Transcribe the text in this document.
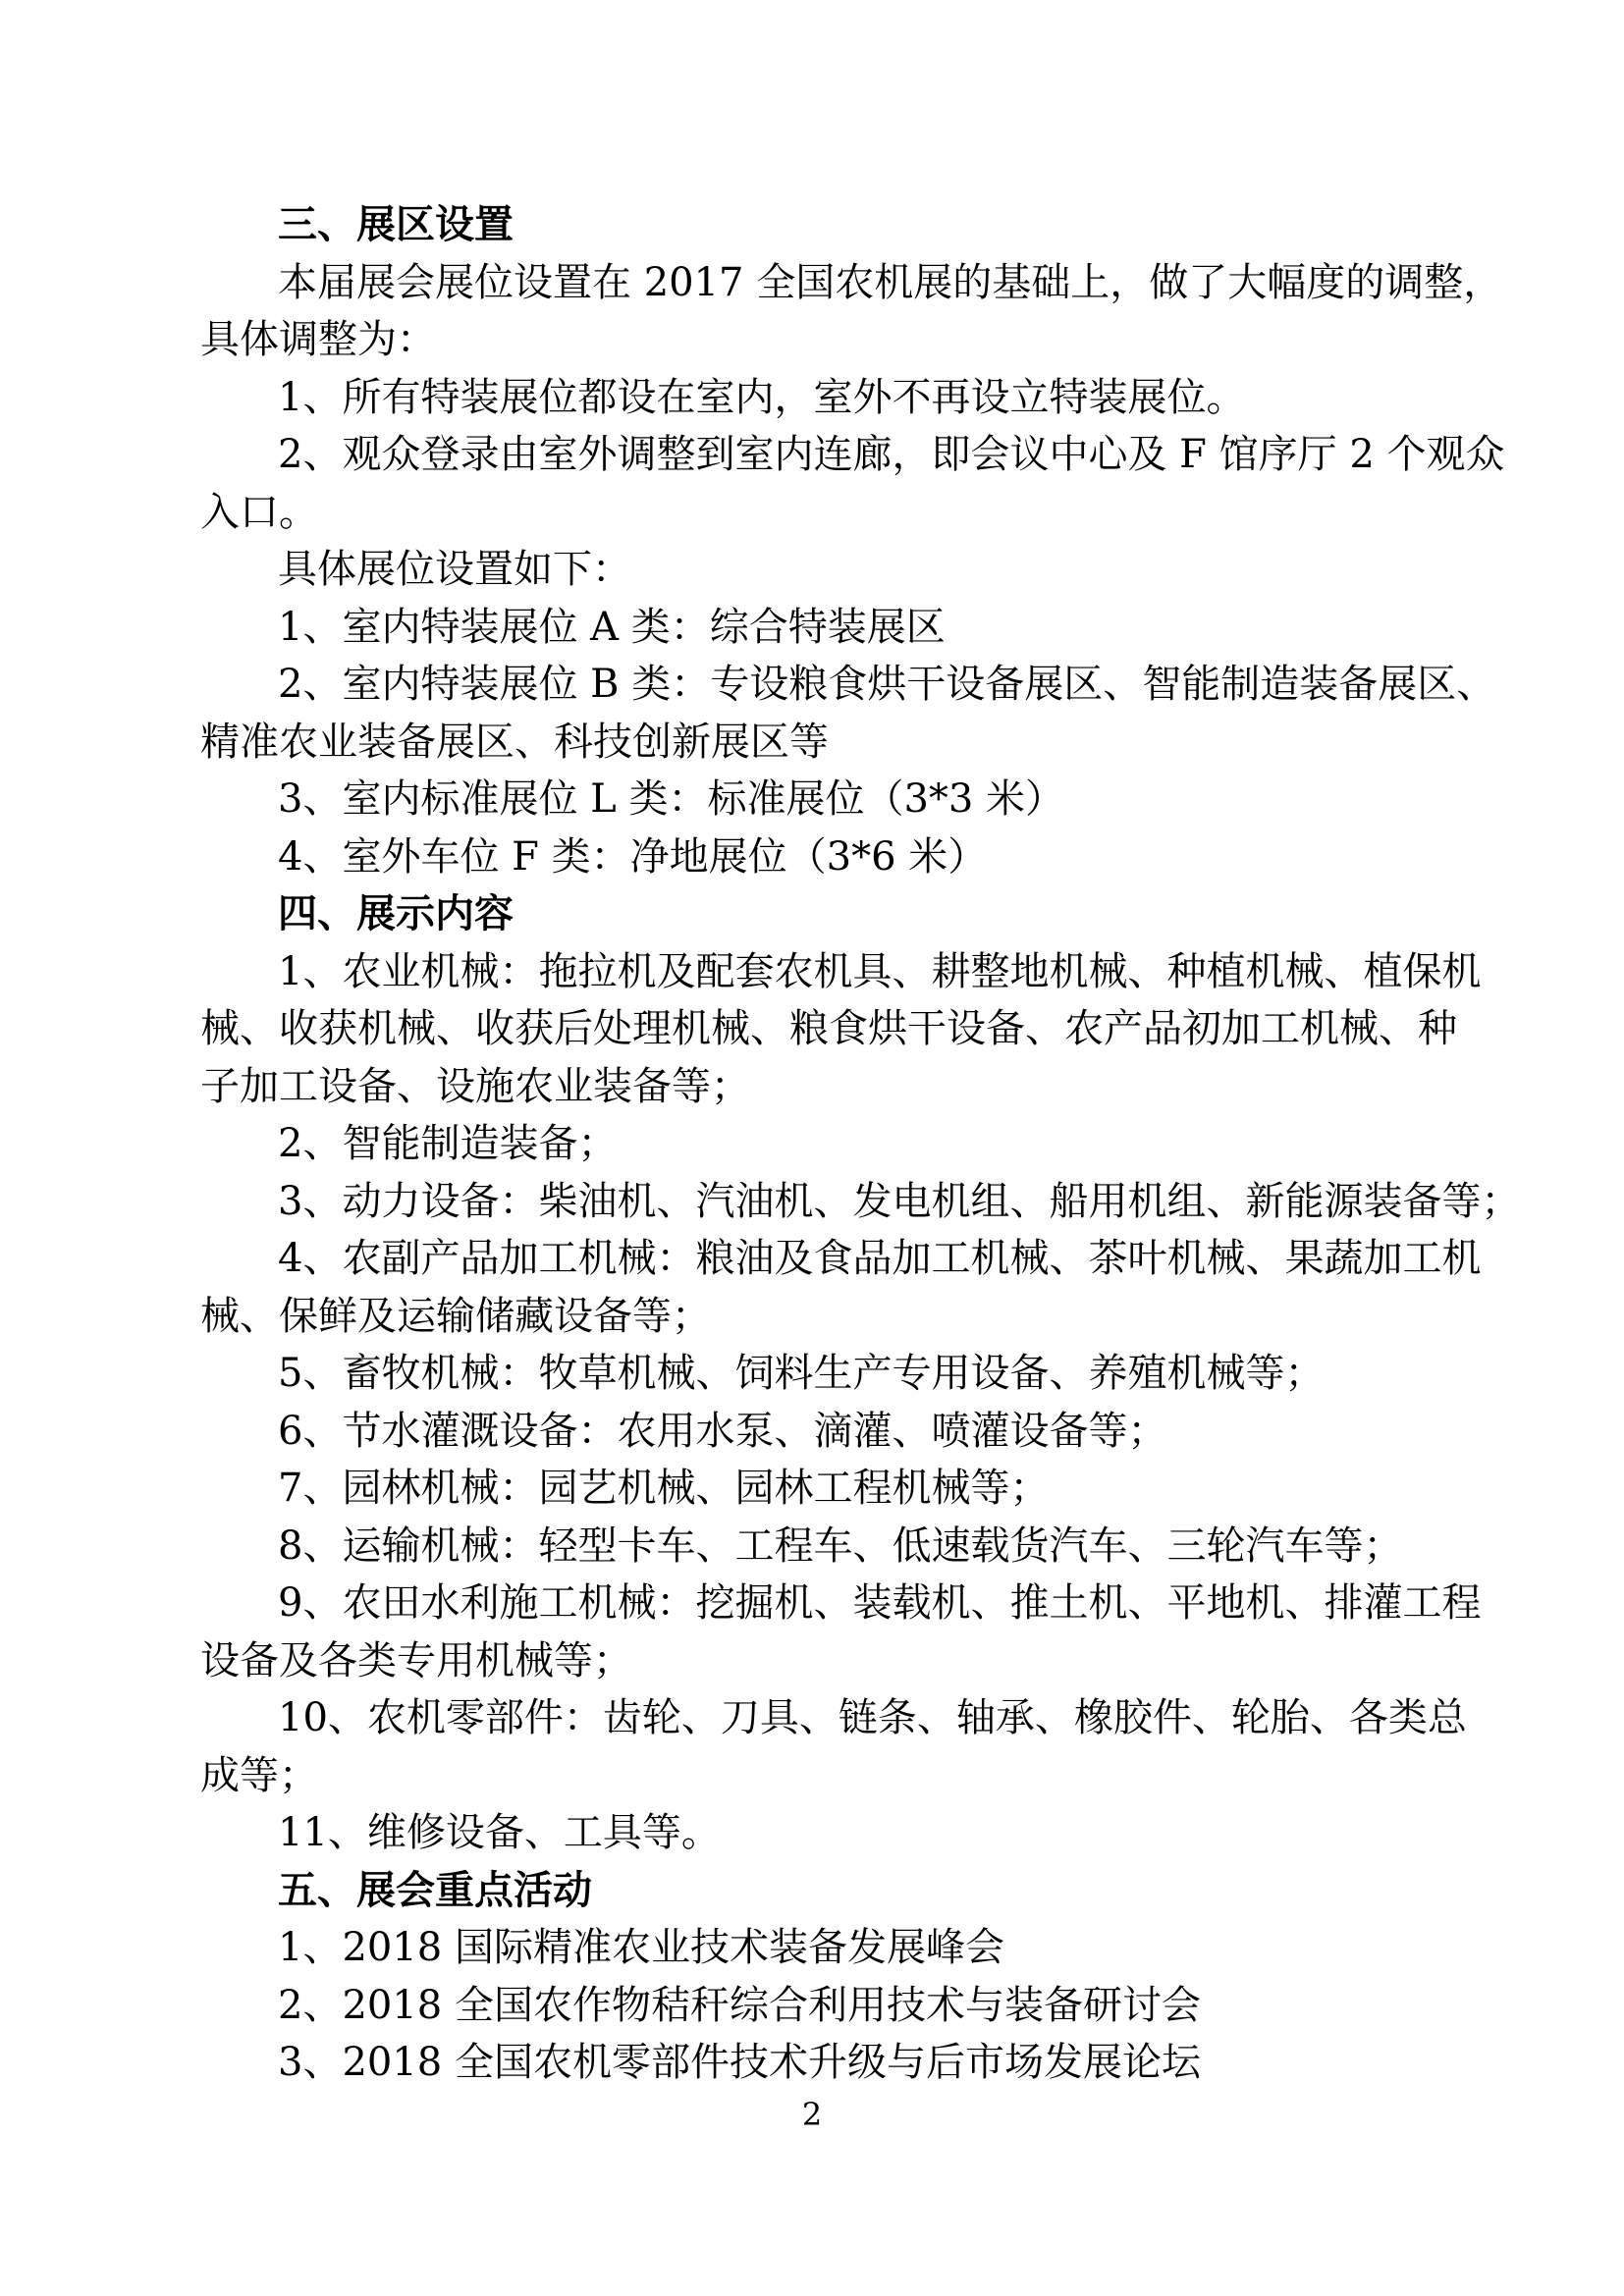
三、展区设置
本届展会展位设置在 2017 全国农机展的基础上，做了大幅度的调整，
具体调整为：
1、所有特装展位都设在室内，室外不再设立特装展位。
2、观众登录由室外调整到室内连廊，即会议中心及 F 馆序厅 2 个观众
入口。
具体展位设置如下：
1、室内特装展位 A 类：综合特装展区
2、室内特装展位 B 类：专设粮食烘干设备展区、智能制造装备展区、
精准农业装备展区、科技创新展区等
3、室内标准展位 L 类：标准展位（3*3 米）
4、室外车位 F 类：净地展位（3*6 米）
四、展示内容
1、农业机械：拖拉机及配套农机具、耕整地机械、种植机械、植保机
械、收获机械、收获后处理机械、粮食烘干设备、农产品初加工机械、种
子加工设备、设施农业装备等；
2、智能制造装备；
3、动力设备：柴油机、汽油机、发电机组、船用机组、新能源装备等；
4、农副产品加工机械：粮油及食品加工机械、茶叶机械、果蔬加工机
械、保鲜及运输储藏设备等；
5、畜牧机械：牧草机械、饲料生产专用设备、养殖机械等；
6、节水灌溉设备：农用水泵、滴灌、喷灌设备等；
7、园林机械：园艺机械、园林工程机械等；
8、运输机械：轻型卡车、工程车、低速载货汽车、三轮汽车等；
9、农田水利施工机械：挖掘机、装载机、推土机、平地机、排灌工程
设备及各类专用机械等；
10、农机零部件：齿轮、刀具、链条、轴承、橡胶件、轮胎、各类总
成等；
11、维修设备、工具等。
五、展会重点活动
1、2018 国际精准农业技术装备发展峰会
2、2018 全国农作物秸秆综合利用技术与装备研讨会
3、2018 全国农机零部件技术升级与后市场发展论坛
2
